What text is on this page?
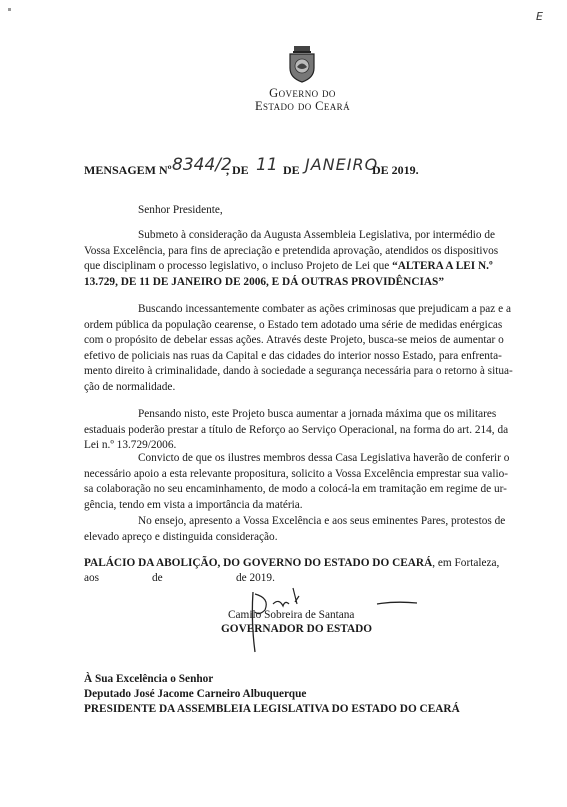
E
Governo do
Estado do Ceará
MENSAGEM Nº 8344/2
, DE 11 DE JANEIRO
DE 2019.
Senhor Presidente,
Submeto à consideração da Augusta Assembleia Legislativa, por intermédio de
Vossa Excelência, para fins de apreciação e pretendida aprovação, atendidos os dispositivos
que disciplinam o processo legislativo, o incluso Projeto de Lei que “ALTERA A LEI N.º
13.729, DE 11 DE JANEIRO DE 2006, E DÁ OUTRAS PROVIDÊNCIAS”
Buscando incessantemente combater as ações criminosas que prejudicam a paz e a
ordem pública da população cearense, o Estado tem adotado uma série de medidas enérgicas
com o propósito de debelar essas ações. Através deste Projeto, busca-se meios de aumentar o
efetivo de policiais nas ruas da Capital e das cidades do interior nosso Estado, para enfrenta-
mento direito à criminalidade, dando à sociedade a segurança necessária para o retorno à situa-
ção de normalidade.
Pensando nisto, este Projeto busca aumentar a jornada máxima que os militares
estaduais poderão prestar a título de Reforço ao Serviço Operacional, na forma do art. 214, da
Lei n.º 13.729/2006.
Convicto de que os ilustres membros dessa Casa Legislativa haverão de conferir o
necessário apoio a esta relevante propositura, solicito a Vossa Excelência emprestar sua valio-
sa colaboração no seu encaminhamento, de modo a colocá-la em tramitação em regime de ur-
gência, tendo em vista a importância da matéria.
No ensejo, apresento a Vossa Excelência e aos seus eminentes Pares, protestos de
elevado apreço e distinguida consideração.
PALÁCIO DA ABOLIÇÃO, DO GOVERNO DO ESTADO DO CEARÁ, em Fortaleza,
aos	de	de 2019.
Camilo Sobreira de Santana
GOVERNADOR DO ESTADO
À Sua Excelência o Senhor
Deputado José Jacome Carneiro Albuquerque
PRESIDENTE DA ASSEMBLEIA LEGISLATIVA DO ESTADO DO CEARÁ
